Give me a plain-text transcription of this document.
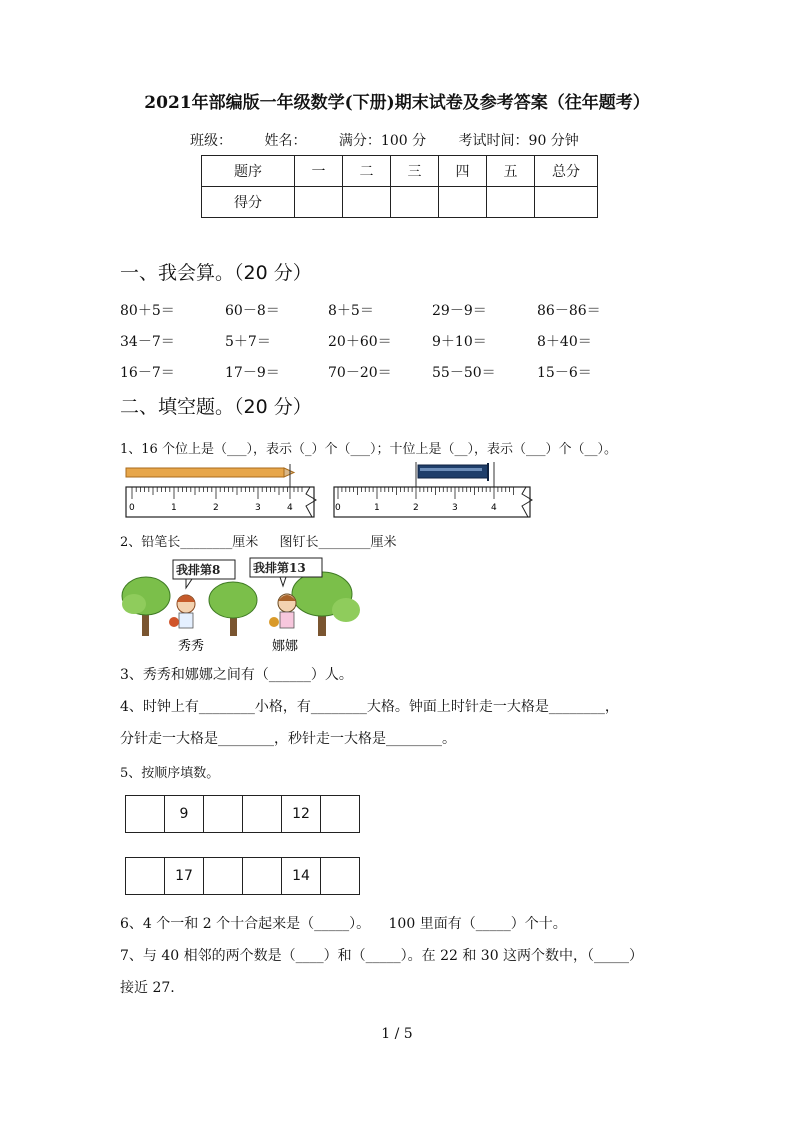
2021年部编版一年级数学(下册)期末试卷及参考答案（往年题考）
班级： 姓名： 满分：100 分 考试时间：90 分钟
题序	一	二	三	四	五	总分
得分						
一、我会算。（20 分）
80＋5＝	60－8＝	8＋5＝	29－9＝	86－86＝
34－7＝	5＋7＝	20＋60＝	9＋10＝	8＋40＝
16－7＝	17－9＝	70－20＝	55－50＝	15－6＝
二、填空题。（20 分）
1、16 个位上是（___），表示（_）个（___）；十位上是（__），表示（___）个（__）。
0	1	2	3	4	0	1	2	3	4
2、铅笔长________厘米 　 图钉长________厘米
我排第8	我排第13
秀秀	娜娜
3、秀秀和娜娜之间有（______）人。
4、时钟上有________小格，有________大格。钟面上时针走一大格是________，
分针走一大格是________，秒针走一大格是________。
5、按顺序填数。
	9			12	
	17			14	
6、4 个一和 2 个十合起来是（_____）。 　100 里面有（_____）个十。
7、与 40 相邻的两个数是（____）和（_____）。在 22 和 30 这两个数中，（_____）
接近 27.
1 / 5
